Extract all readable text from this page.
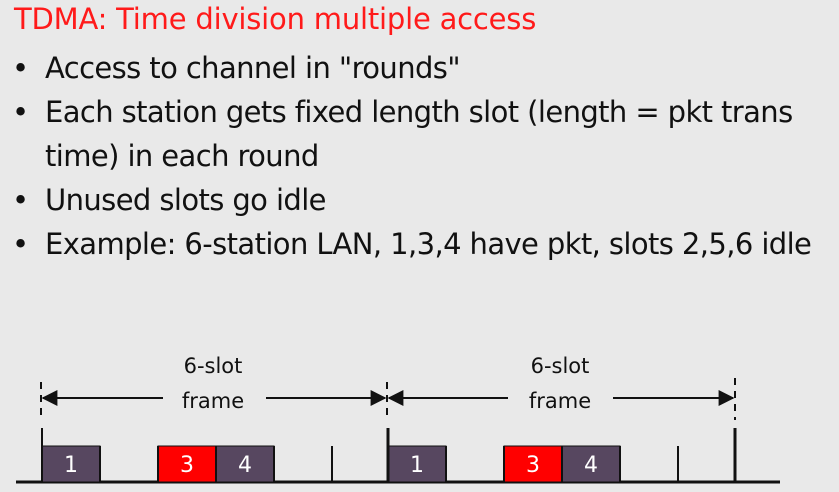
TDMA: Time division multiple access
• Access to channel in "rounds"
• Each station gets fixed length slot (length = pkt trans
time) in each round
• Unused slots go idle
• Example: 6-station LAN, 1,3,4 have pkt, slots 2,5,6 idle
6-slot
frame
6-slot
frame
1	3 4	1	3 4
